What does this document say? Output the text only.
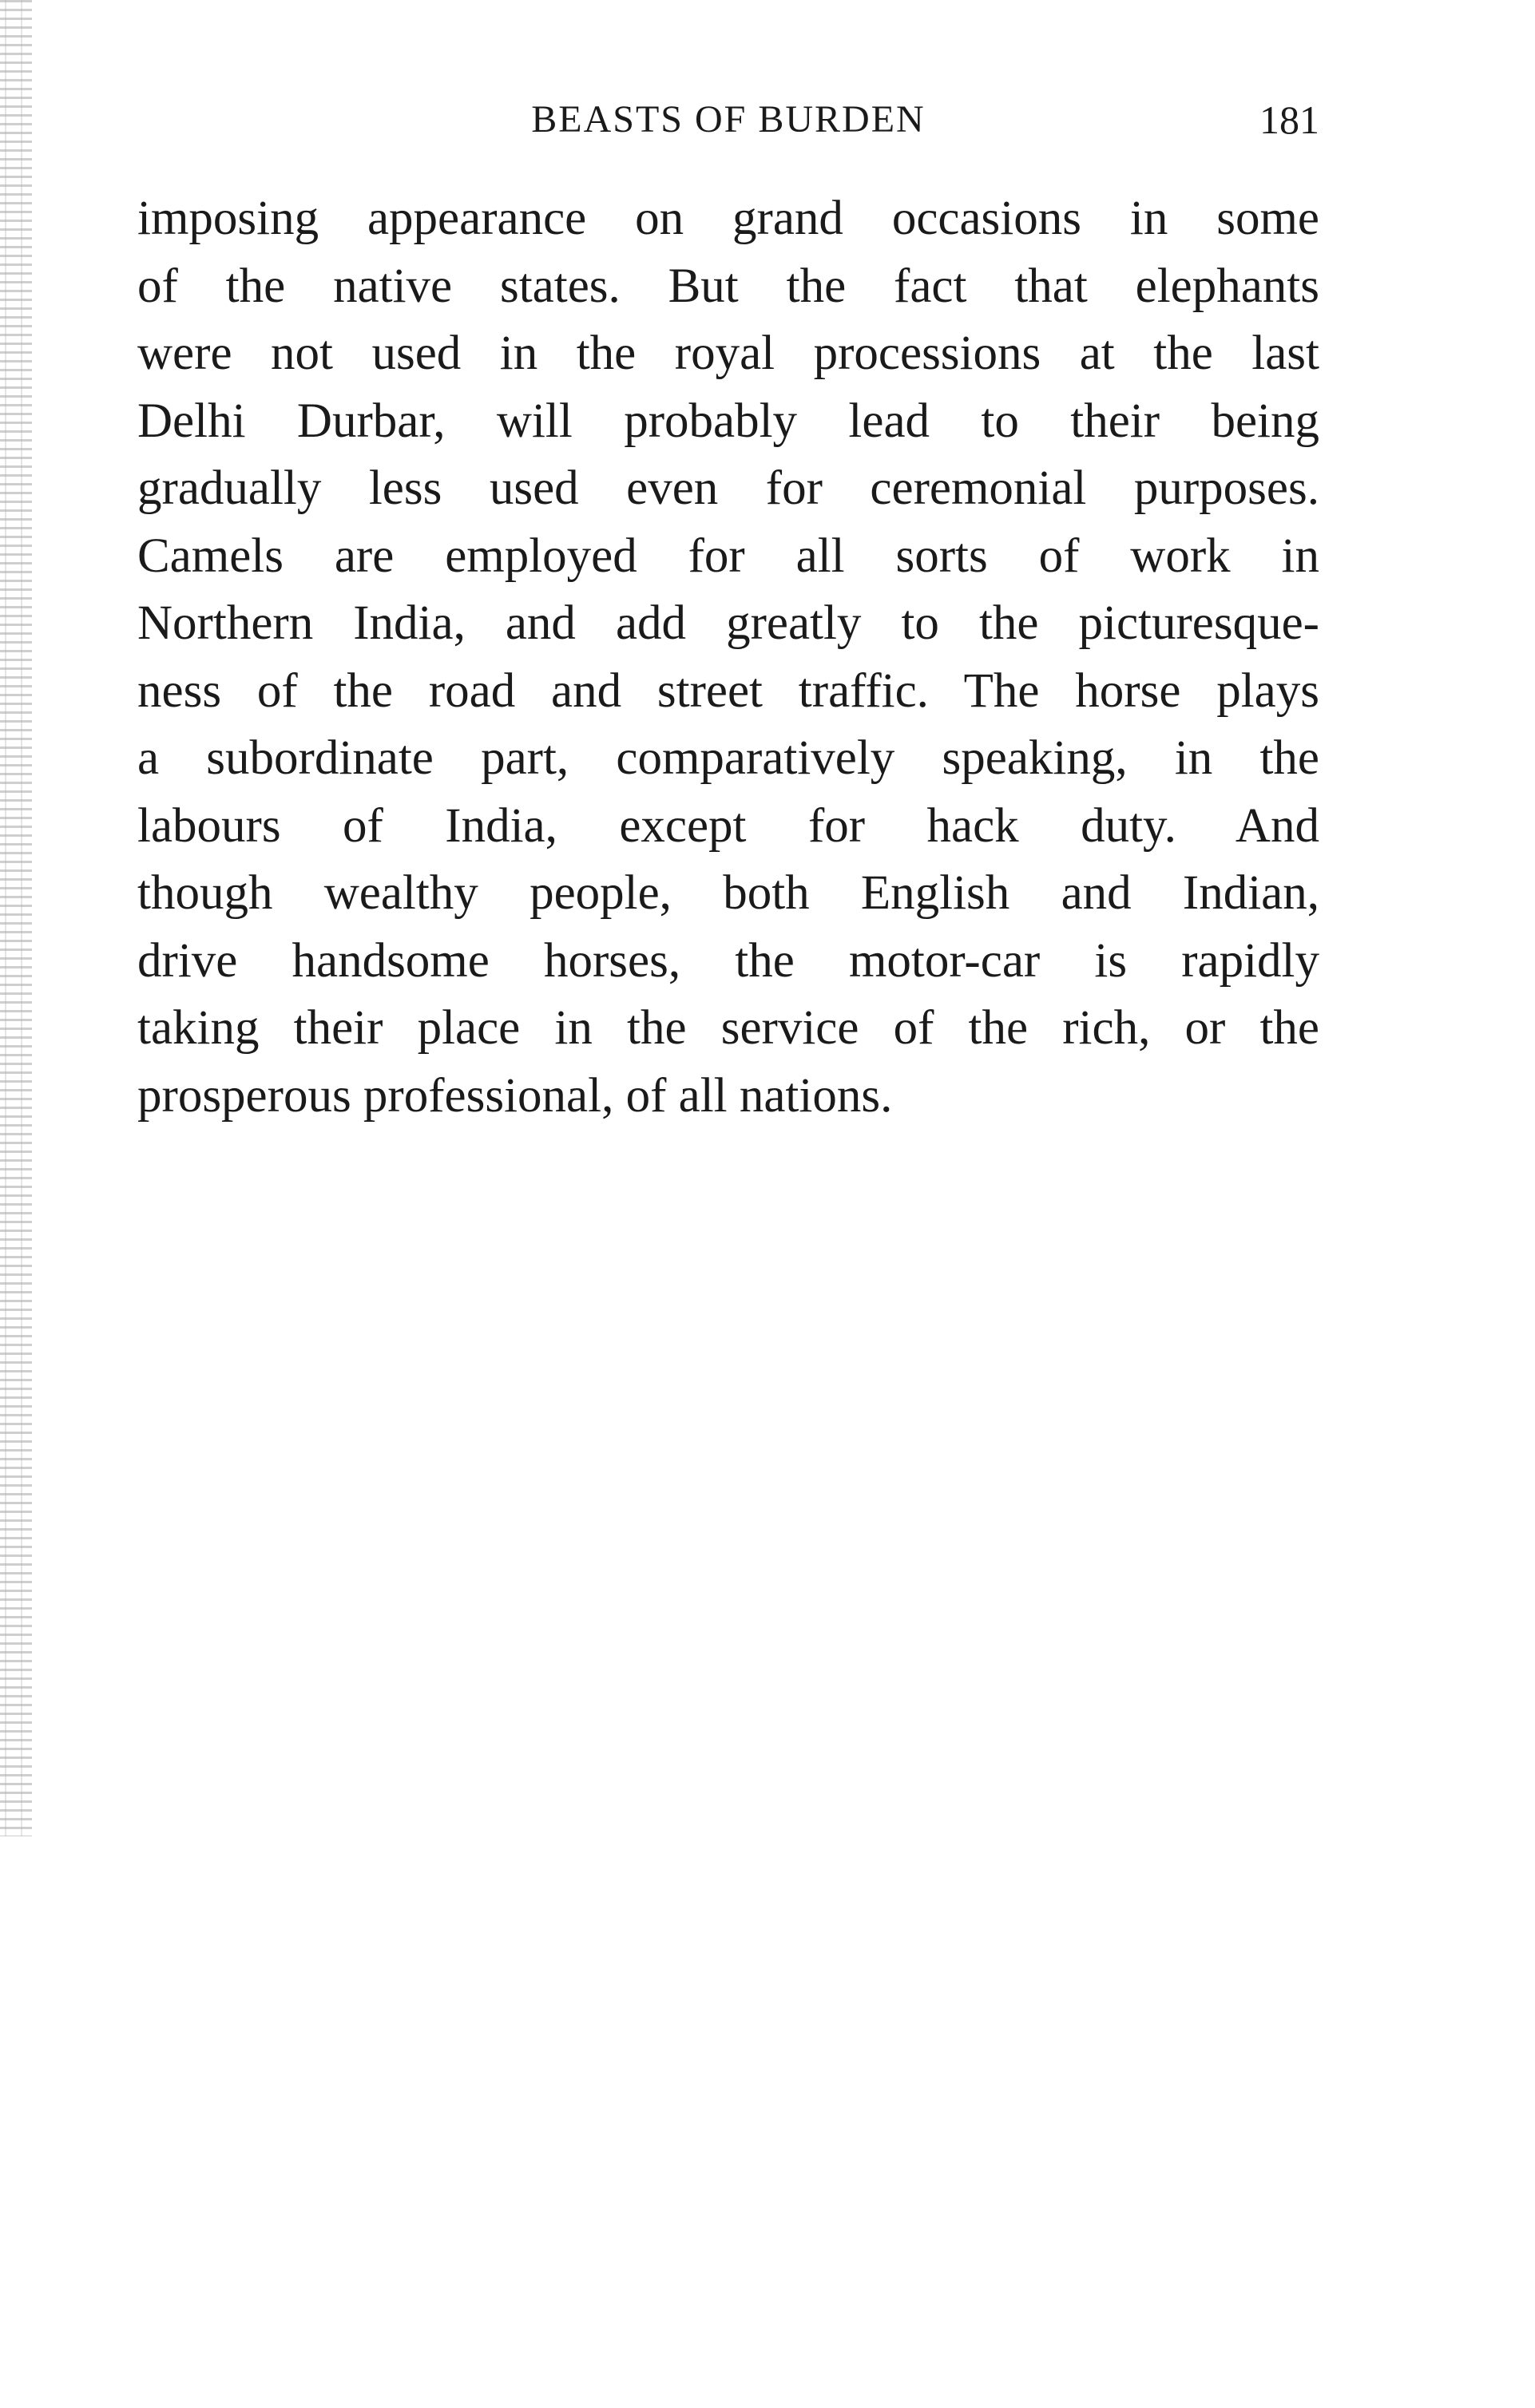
BEASTS OF BURDEN	181
imposing appearance on grand occasions in some
of the native states. But the fact that elephants
were not used in the royal processions at the last
Delhi Durbar, will probably lead to their being
gradually less used even for ceremonial purposes.
Camels are employed for all sorts of work in
Northern India, and add greatly to the picturesque-
ness of the road and street traffic. The horse plays
a subordinate part, comparatively speaking, in the
labours of India, except for hack duty. And
though wealthy people, both English and Indian,
drive handsome horses, the motor-car is rapidly
taking their place in the service of the rich, or the
prosperous professional, of all nations.
